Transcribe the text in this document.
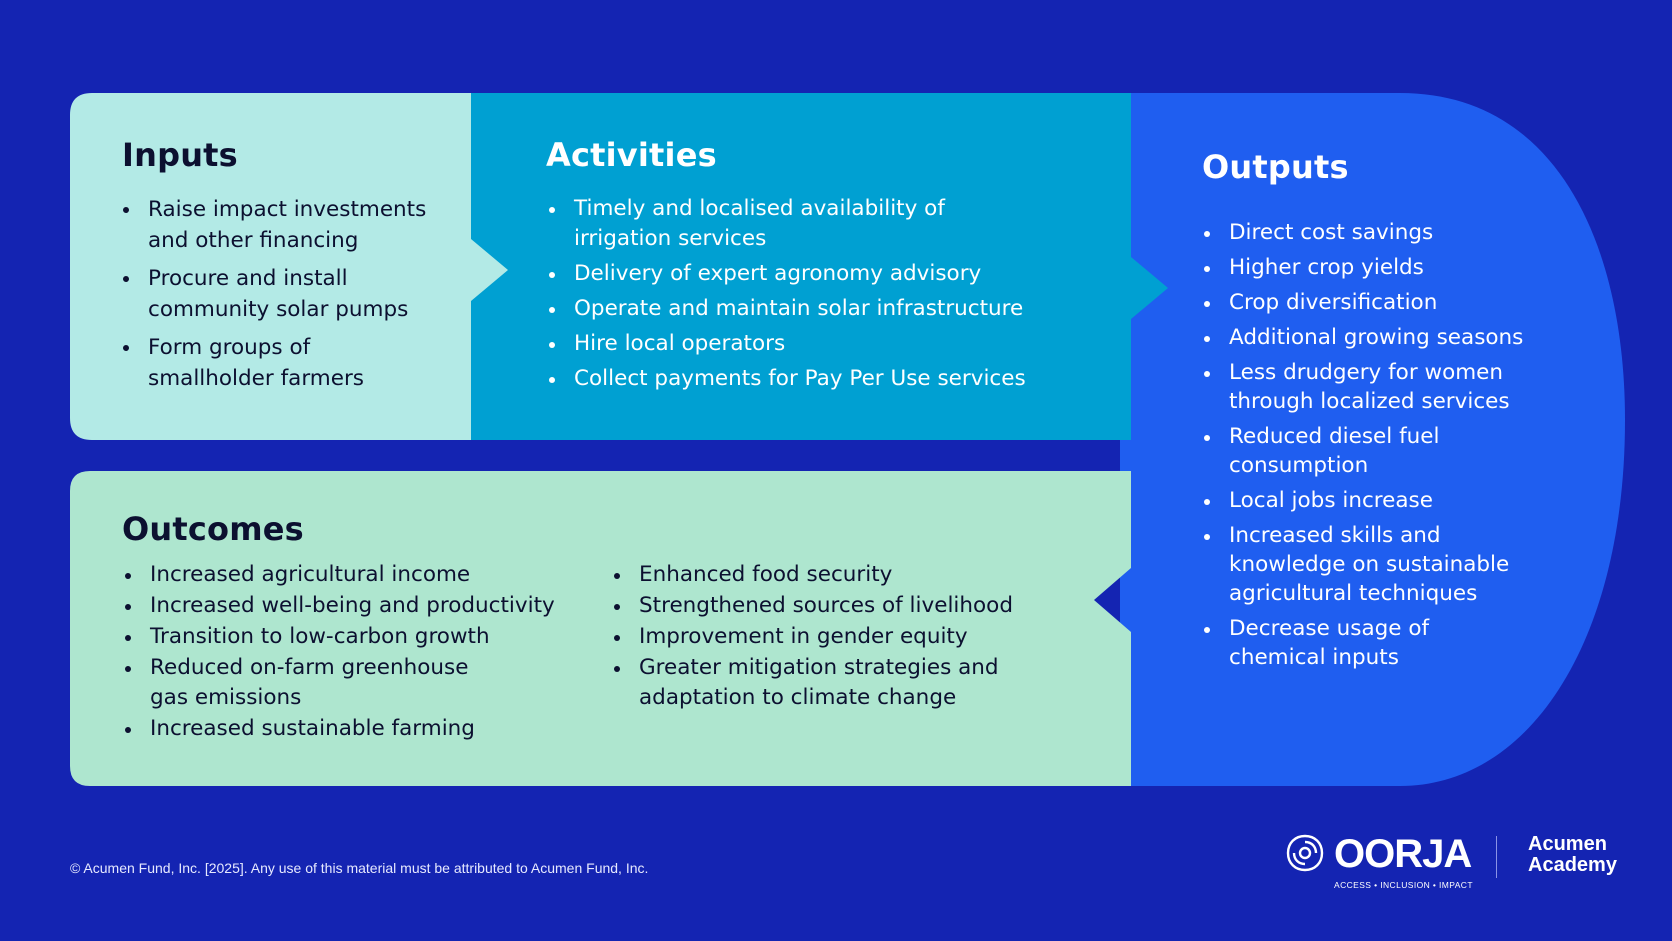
Inputs
Raise impact investments and other financing
Procure and install community solar pumps
Form groups of smallholder farmers
Activities
Timely and localised availability of irrigation services
Delivery of expert agronomy advisory
Operate and maintain solar infrastructure
Hire local operators
Collect payments for Pay Per Use services
Outputs
Direct cost savings
Higher crop yields
Crop diversification
Additional growing seasons
Less drudgery for women through localized services
Reduced diesel fuel consumption
Local jobs increase
Increased skills and knowledge on sustainable agricultural techniques
Decrease usage of chemical inputs
Outcomes
Increased agricultural income
Increased well-being and productivity
Transition to low-carbon growth
Reduced on-farm greenhouse gas emissions
Increased sustainable farming
Enhanced food security
Strengthened sources of livelihood
Improvement in gender equity
Greater mitigation strategies and adaptation to climate change
© Acumen Fund, Inc. [2025]. Any use of this material must be attributed to Acumen Fund, Inc.	OORJA
ACCESS • INCLUSION • IMPACT
Acumen
Academy
